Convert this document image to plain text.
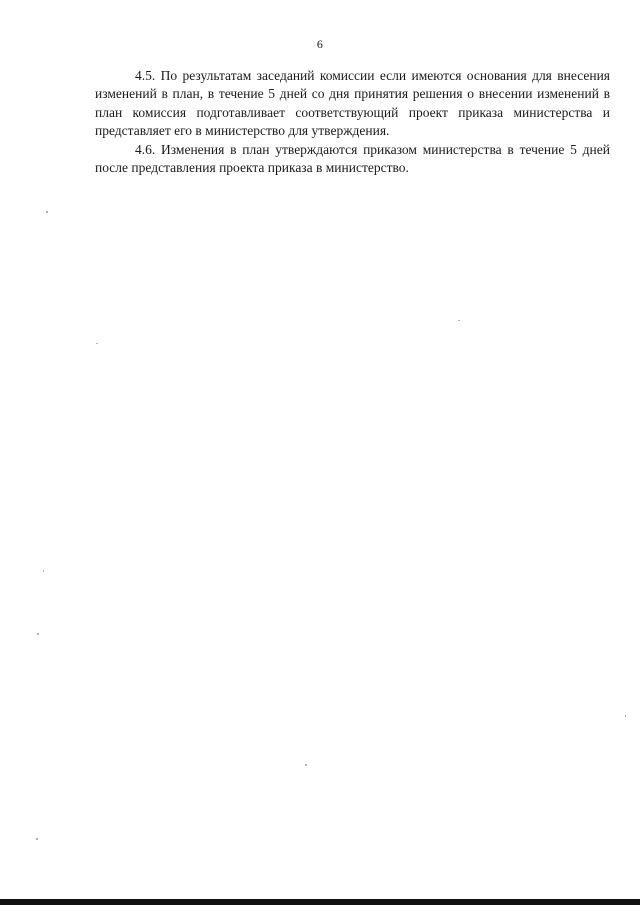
6

4.5. По результатам заседаний комиссии если имеются основания для внесения изменений в план, в течение 5 дней со дня принятия решения о внесении изменений в план комиссия подготавливает соответствующий проект приказа министерства и представляет его в министерство для утверждения.

4.6. Изменения в план утверждаются приказом министерства в течение 5 дней после представления проекта приказа в министерство.
